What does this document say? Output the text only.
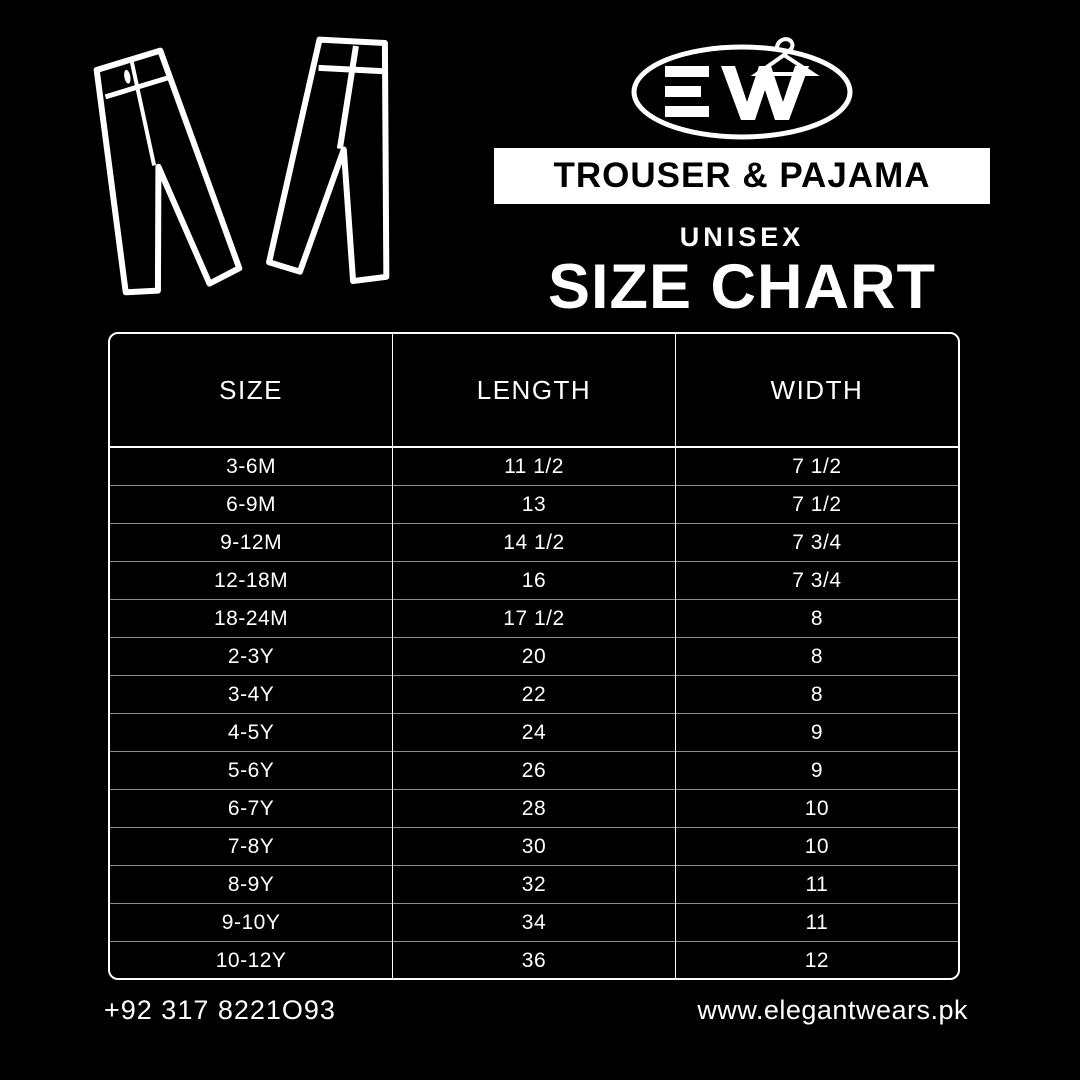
TROUSER & PAJAMA
UNISEX
SIZE CHART
SIZE	LENGTH	WIDTH
3-6M	11 1/2	7 1/2
6-9M	13	7 1/2
9-12M	14 1/2	7 3/4
12-18M	16	7 3/4
18-24M	17 1/2	8
2-3Y	20	8
3-4Y	22	8
4-5Y	24	9
5-6Y	26	9
6-7Y	28	10
7-8Y	30	10
8-9Y	32	11
9-10Y	34	11
10-12Y	36	12

+92 317 8221O93	www.elegantwears.pk
